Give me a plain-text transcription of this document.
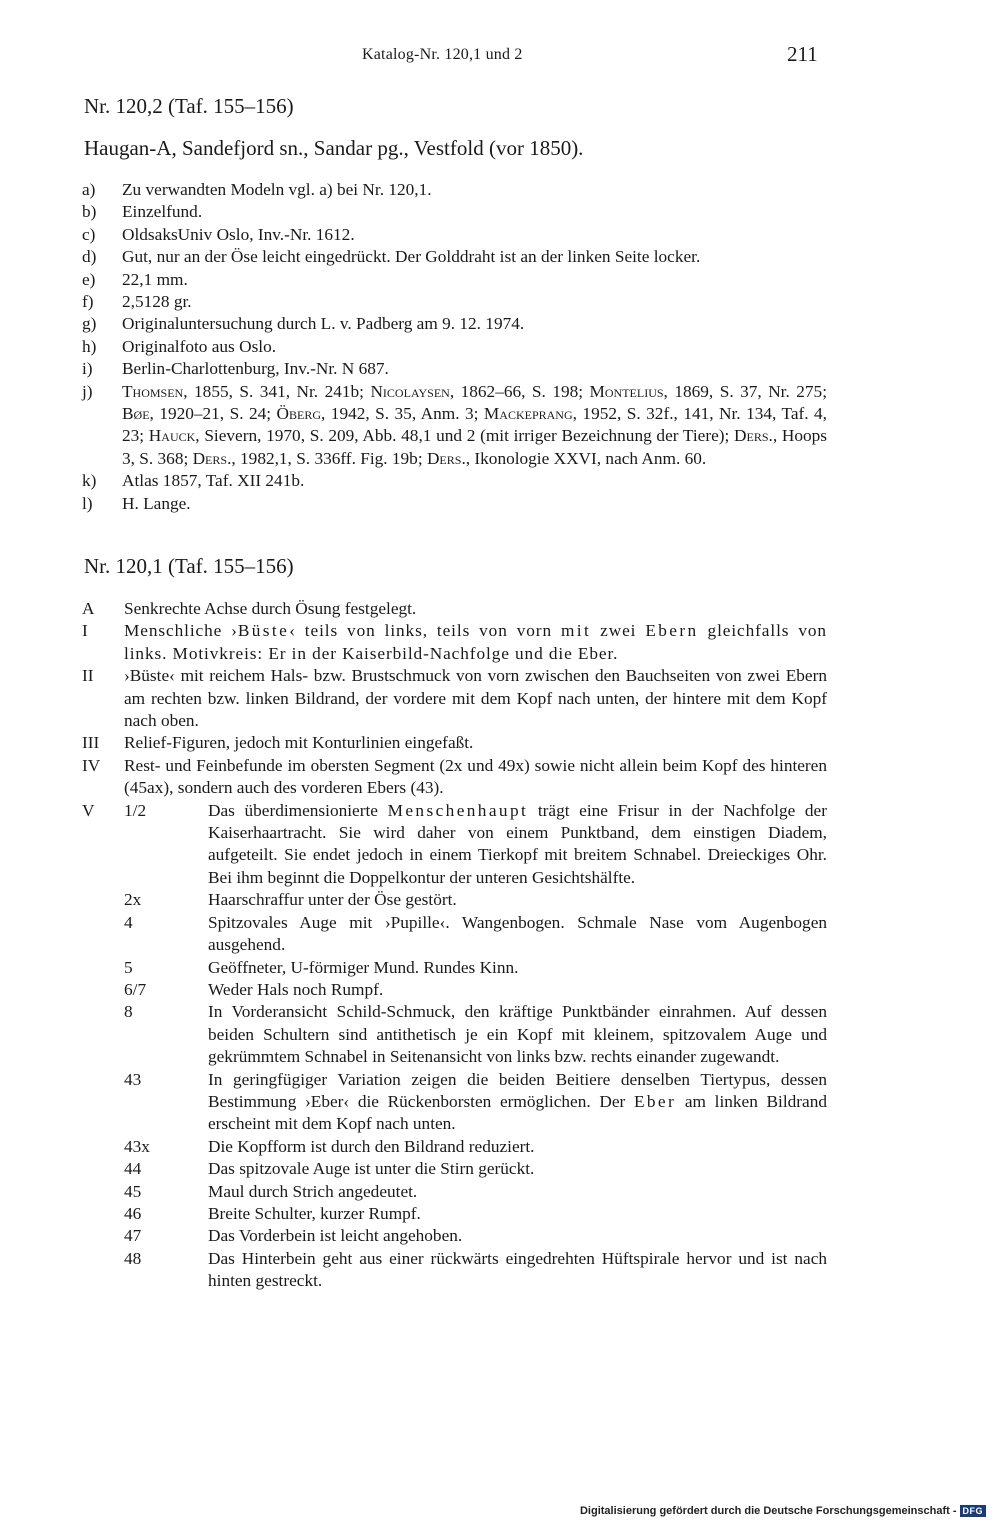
Katalog-Nr. 120,1 und 2	211
Nr. 120,2 (Taf. 155–156)
Haugan-A, Sandefjord sn., Sandar pg., Vestfold (vor 1850).
a)	Zu verwandten Modeln vgl. a) bei Nr. 120,1.
b)	Einzelfund.
c)	OldsaksUniv Oslo, Inv.-Nr. 1612.
d)	Gut, nur an der Öse leicht eingedrückt. Der Golddraht ist an der linken Seite locker.
e)	22,1 mm.
f)	2,5128 gr.
g)	Originaluntersuchung durch L. v. Padberg am 9. 12. 1974.
h)	Originalfoto aus Oslo.
i)	Berlin-Charlottenburg, Inv.-Nr. N 687.
j)	Thomsen, 1855, S. 341, Nr. 241b; Nicolaysen, 1862–66, S. 198; Montelius, 1869, S. 37, Nr. 275; Bøe, 1920–21, S. 24; Öberg, 1942, S. 35, Anm. 3; Mackeprang, 1952, S. 32f., 141, Nr. 134, Taf. 4, 23; Hauck, Sievern, 1970, S. 209, Abb. 48,1 und 2 (mit irriger Bezeichnung der Tiere); Ders., Hoops 3, S. 368; Ders., 1982,1, S. 336ff. Fig. 19b; Ders., Ikonologie XXVI, nach Anm. 60.
k)	Atlas 1857, Taf. XII 241b.
l)	H. Lange.
Nr. 120,1 (Taf. 155–156)
A	Senkrechte Achse durch Ösung festgelegt.
I	Menschliche ›Büste‹ teils von links, teils von vorn mit zwei Ebern gleichfalls von links. Motivkreis: Er in der Kaiserbild-Nachfolge und die Eber.
II	›Büste‹ mit reichem Hals- bzw. Brustschmuck von vorn zwischen den Bauchseiten von zwei Ebern am rechten bzw. linken Bildrand, der vordere mit dem Kopf nach unten, der hintere mit dem Kopf nach oben.
III	Relief-Figuren, jedoch mit Konturlinien eingefaßt.
IV	Rest- und Feinbefunde im obersten Segment (2x und 49x) sowie nicht allein beim Kopf des hinteren (45ax), sondern auch des vorderen Ebers (43).
V	1/2	Das überdimensionierte Menschenhaupt trägt eine Frisur in der Nachfolge der Kaiserhaartracht. Sie wird daher von einem Punktband, dem einstigen Diadem, aufgeteilt. Sie endet jedoch in einem Tierkopf mit breitem Schnabel. Dreieckiges Ohr. Bei ihm beginnt die Doppelkontur der unteren Gesichtshälfte.
2x	Haarschraffur unter der Öse gestört.
4	Spitzovales Auge mit ›Pupille‹. Wangenbogen. Schmale Nase vom Augenbogen ausgehend.
5	Geöffneter, U-förmiger Mund. Rundes Kinn.
6/7	Weder Hals noch Rumpf.
8	In Vorderansicht Schild-Schmuck, den kräftige Punktbänder einrahmen. Auf dessen beiden Schultern sind antithetisch je ein Kopf mit kleinem, spitzovalem Auge und gekrümmtem Schnabel in Seitenansicht von links bzw. rechts einander zugewandt.
43	In geringfügiger Variation zeigen die beiden Beitiere denselben Tiertypus, dessen Bestimmung ›Eber‹ die Rückenborsten ermöglichen. Der Eber am linken Bildrand erscheint mit dem Kopf nach unten.
43x	Die Kopfform ist durch den Bildrand reduziert.
44	Das spitzovale Auge ist unter die Stirn gerückt.
45	Maul durch Strich angedeutet.
46	Breite Schulter, kurzer Rumpf.
47	Das Vorderbein ist leicht angehoben.
48	Das Hinterbein geht aus einer rückwärts eingedrehten Hüftspirale hervor und ist nach hinten gestreckt.
Digitalisierung gefördert durch die Deutsche Forschungsgemeinschaft - DFG
